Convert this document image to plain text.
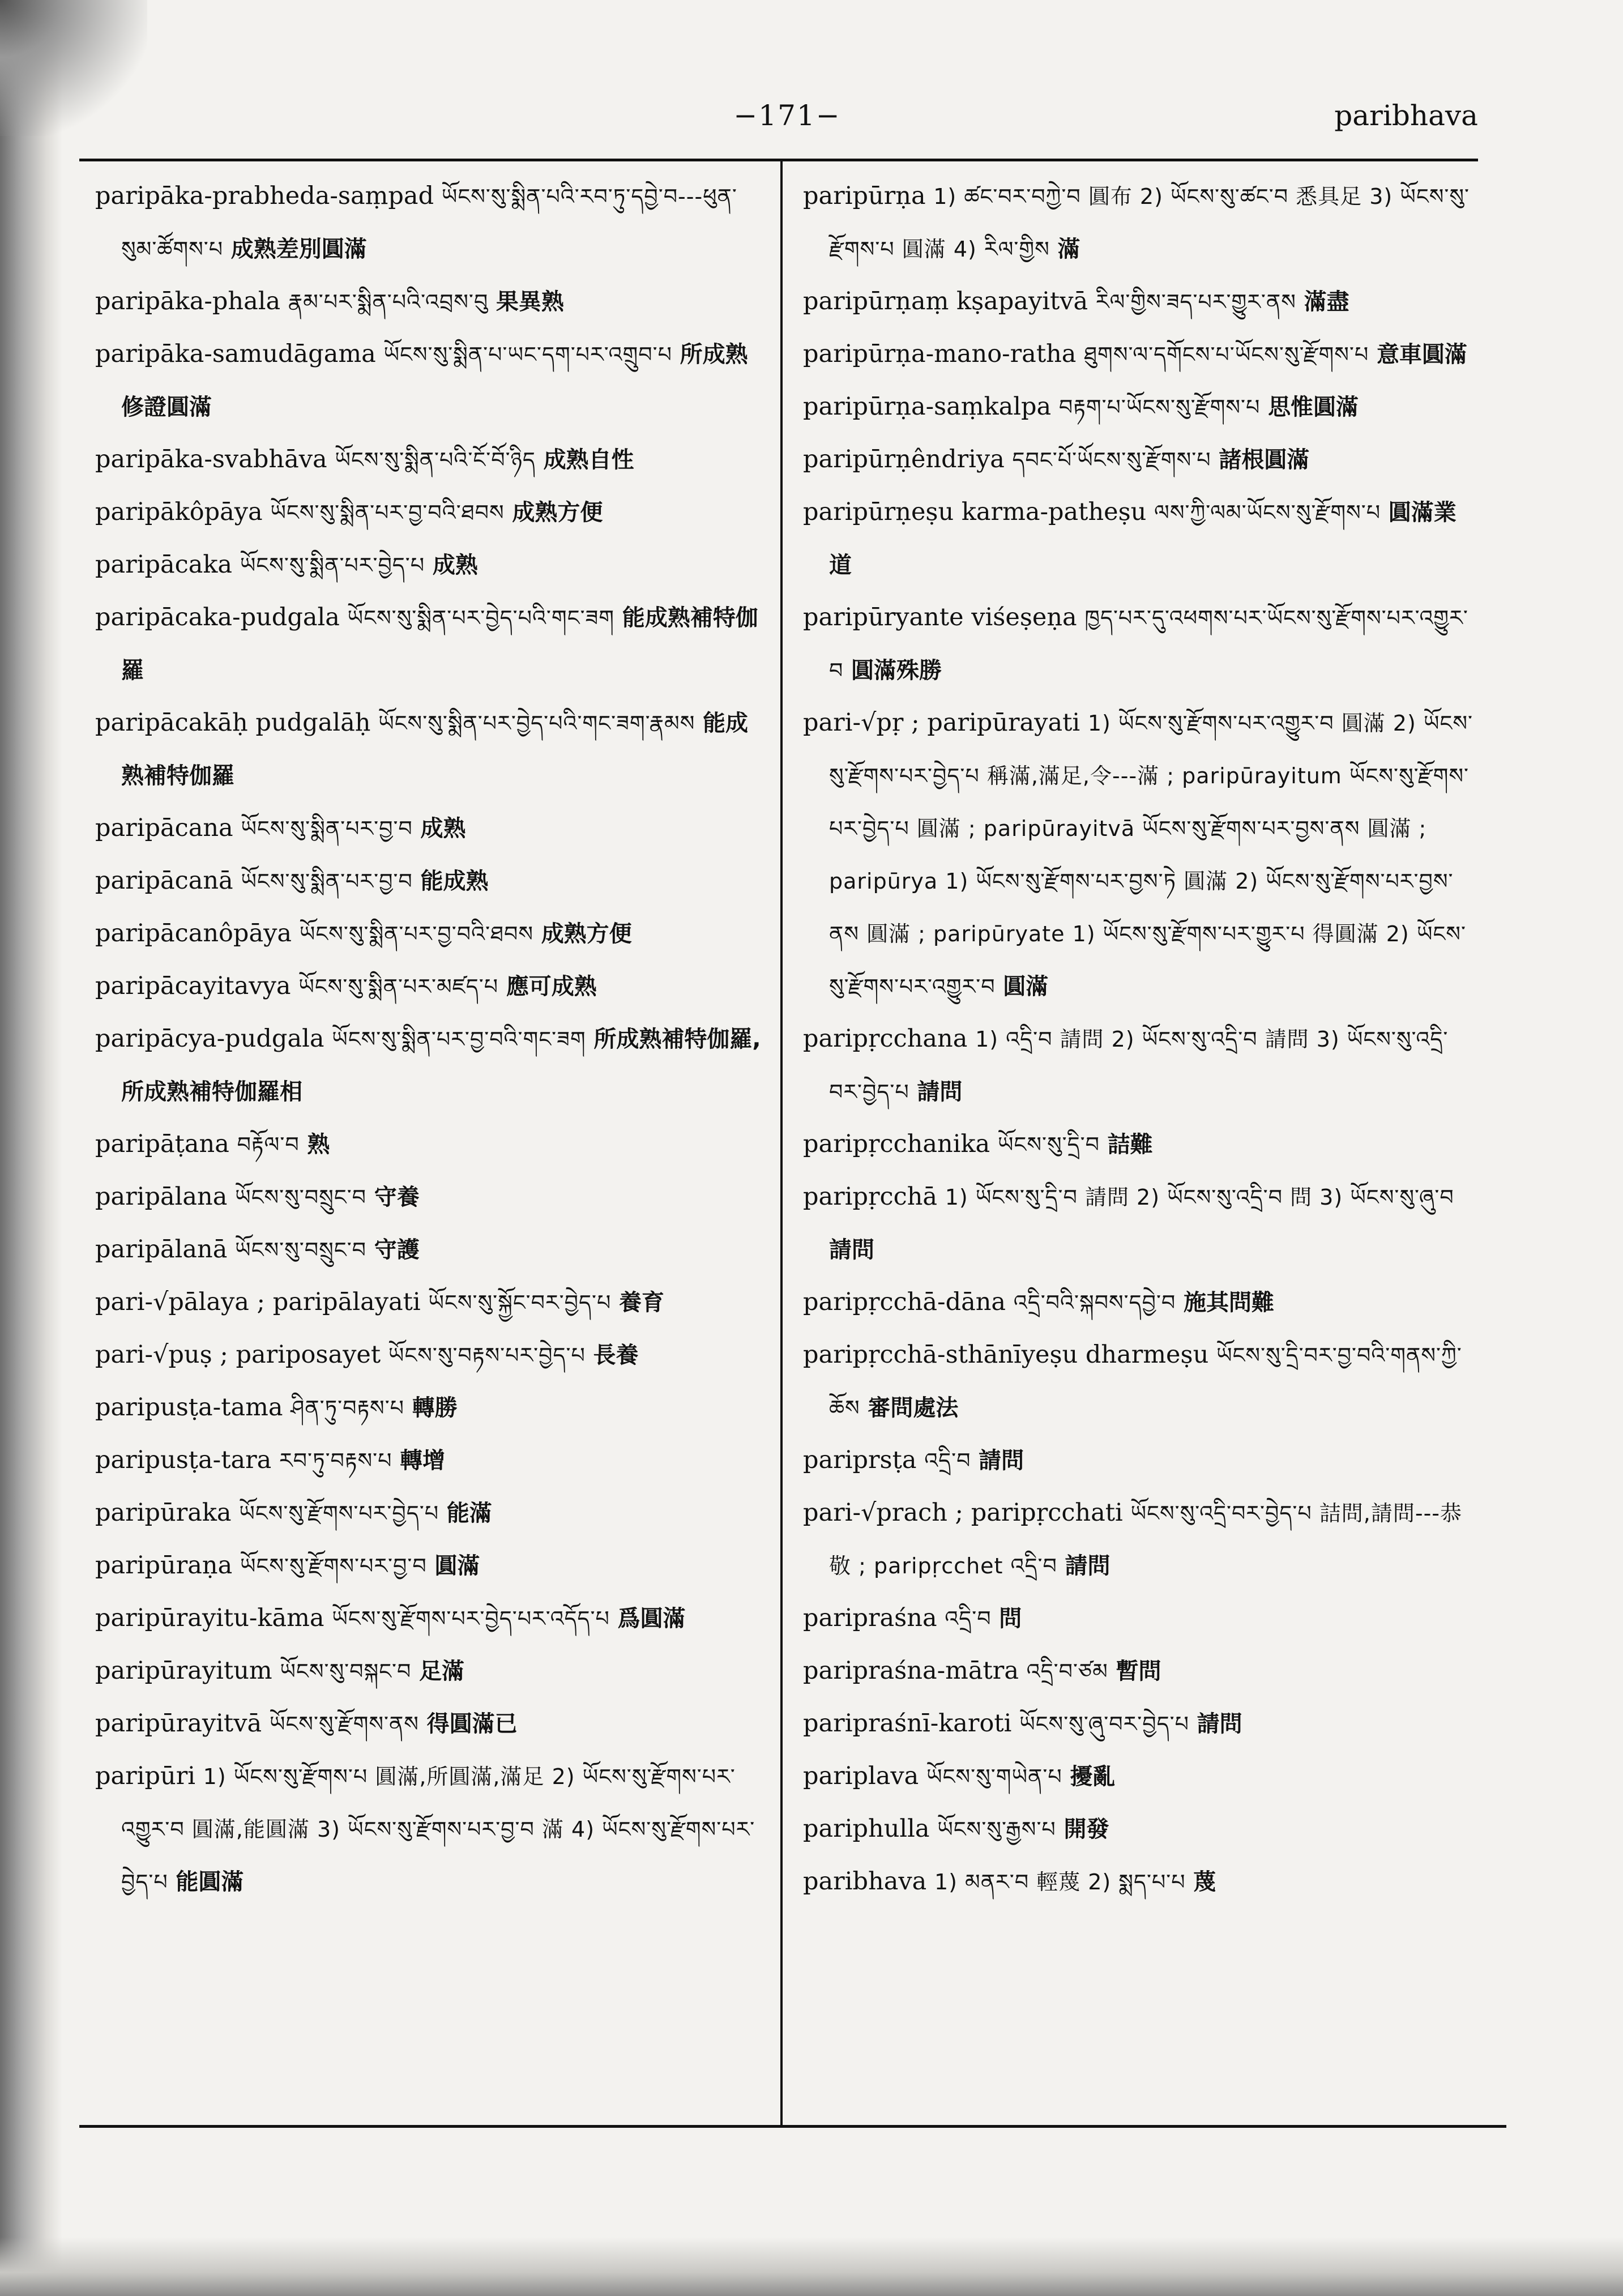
−171−	paribhava

paripāka-prabheda-saṃpad ཡོངས་སུ་སྨིན་པའི་རབ་ཏུ་དབྱེ་བ---ཕུན་སུམ་ཚོགས་པ 成熟差別圓滿

paripāka-phala རྣམ་པར་སྨིན་པའི་འབྲས་བུ 果異熟

paripāka-samudāgama ཡོངས་སུ་སྨིན་པ་ཡང་དག་པར་འགྲུབ་པ 所成熟修證圓滿

paripāka-svabhāva ཡོངས་སུ་སྨིན་པའི་ངོ་བོ་ཉིད 成熟自性

paripākôpāya ཡོངས་སུ་སྨིན་པར་བྱ་བའི་ཐབས 成熟方便

paripācaka ཡོངས་སུ་སྨིན་པར་བྱེད་པ 成熟

paripācaka-pudgala ཡོངས་སུ་སྨིན་པར་བྱེད་པའི་གང་ཟག 能成熟補特伽羅

paripācakāḥ pudgalāḥ ཡོངས་སུ་སྨིན་པར་བྱེད་པའི་གང་ཟག་རྣམས 能成熟補特伽羅

paripācana ཡོངས་སུ་སྨིན་པར་བྱ་བ 成熟

paripācanā ཡོངས་སུ་སྨིན་པར་བྱ་བ 能成熟

paripācanôpāya ཡོངས་སུ་སྨིན་པར་བྱ་བའི་ཐབས 成熟方便

paripācayitavya ཡོངས་སུ་སྨིན་པར་མཛད་པ 應可成熟

paripācya-pudgala ཡོངས་སུ་སྨིན་པར་བྱ་བའི་གང་ཟག 所成熟補特伽羅,所成熟補特伽羅相

paripāṭana བརྟོལ་བ 熟

paripālana ཡོངས་སུ་བསྲུང་བ 守養

paripālanā ཡོངས་སུ་བསྲུང་བ 守護

pari-√pālaya ; paripālayati ཡོངས་སུ་སྐྱོང་བར་བྱེད་པ 養育

pari-√puṣ ; pariposayet ཡོངས་སུ་བརྟས་པར་བྱེད་པ 長養

paripusṭa-tama ཤིན་ཏུ་བརྟས་པ 轉勝

paripusṭa-tara རབ་ཏུ་བརྟས་པ 轉增

paripūraka ཡོངས་སུ་རྫོགས་པར་བྱེད་པ 能滿

paripūraṇa ཡོངས་སུ་རྫོགས་པར་བྱ་བ 圓滿

paripūrayitu-kāma ཡོངས་སུ་རྫོགས་པར་བྱེད་པར་འདོད་པ 爲圓滿

paripūrayitum ཡོངས་སུ་བསྐང་བ 足滿

paripūrayitvā ཡོངས་སུ་རྫོགས་ནས 得圓滿已

paripūri 1) ཡོངས་སུ་རྫོགས་པ 圓滿,所圓滿,滿足 2) ཡོངས་སུ་རྫོགས་པར་འགྱུར་བ 圓滿,能圓滿 3) ཡོངས་སུ་རྫོགས་པར་བྱ་བ 滿 4) ཡོངས་སུ་རྫོགས་པར་བྱེད་པ 能圓滿

paripūrṇa 1) ཚང་བར་བཀྱེ་བ 圓布 2) ཡོངས་སུ་ཚང་བ 悉具足 3) ཡོངས་སུ་རྫོགས་པ 圓滿 4) རིལ་གྱིས 滿

paripūrṇaṃ kṣapayitvā རིལ་གྱིས་ཟད་པར་གྱུར་ནས 滿盡

paripūrṇa-mano-ratha ཐུགས་ལ་དགོངས་པ་ཡོངས་སུ་རྫོགས་པ 意車圓滿

paripūrṇa-saṃkalpa བརྟག་པ་ཡོངས་སུ་རྫོགས་པ 思惟圓滿

paripūrṇêndriya དབང་པོ་ཡོངས་སུ་རྫོགས་པ 諸根圓滿

paripūrṇeṣu karma-patheṣu ལས་ཀྱི་ལམ་ཡོངས་སུ་རྫོགས་པ 圓滿業道

paripūryante viśeṣeṇa ཁྱད་པར་དུ་འཕགས་པར་ཡོངས་སུ་རྫོགས་པར་འགྱུར་བ 圓滿殊勝

pari-√pṛ ; paripūrayati 1) ཡོངས་སུ་རྫོགས་པར་འགྱུར་བ 圓滿 2) ཡོངས་སུ་རྫོགས་པར་བྱེད་པ 稱滿,滿足,令---滿 ; paripūrayitum ཡོངས་སུ་རྫོགས་པར་བྱེད་པ 圓滿 ; paripūrayitvā ཡོངས་སུ་རྫོགས་པར་བྱས་ནས 圓滿 ; paripūrya 1) ཡོངས་སུ་རྫོགས་པར་བྱས་ཏེ 圓滿 2) ཡོངས་སུ་རྫོགས་པར་བྱས་ནས 圓滿 ; paripūryate 1) ཡོངས་སུ་རྫོགས་པར་གྱུར་པ 得圓滿 2) ཡོངས་སུ་རྫོགས་པར་འགྱུར་བ 圓滿

paripṛcchana 1) འདྲི་བ 請問 2) ཡོངས་སུ་འདྲི་བ 請問 3) ཡོངས་སུ་འདྲི་བར་བྱེད་པ 請問

paripṛcchanika ཡོངས་སུ་དྲི་བ 詰難

paripṛcchā 1) ཡོངས་སུ་དྲི་བ 請問 2) ཡོངས་སུ་འདྲི་བ 問 3) ཡོངས་སུ་ཞུ་བ 請問

paripṛcchā-dāna འདྲི་བའི་སྐབས་དབྱེ་བ 施其問難

paripṛcchā-sthānīyeṣu dharmeṣu ཡོངས་སུ་དྲི་བར་བྱ་བའི་གནས་ཀྱི་ཆོས 審問處法

pariprsṭa འདྲི་བ 請問

pari-√prach ; paripṛcchati ཡོངས་སུ་འདྲི་བར་བྱེད་པ 詰問,請問---恭敬 ; paripṛcchet འདྲི་བ 請問

paripraśna འདྲི་བ 問

paripraśna-mātra འདྲི་བ་ཙམ 暫問

paripraśnī-karoti ཡོངས་སུ་ཞུ་བར་བྱེད་པ 請問

pariplava ཡོངས་སུ་གཡེན་པ 擾亂

pariphulla ཡོངས་སུ་རྒྱས་པ 開發

paribhava 1) མནར་བ 輕蔑 2) སྨད་པ་པ 蔑
